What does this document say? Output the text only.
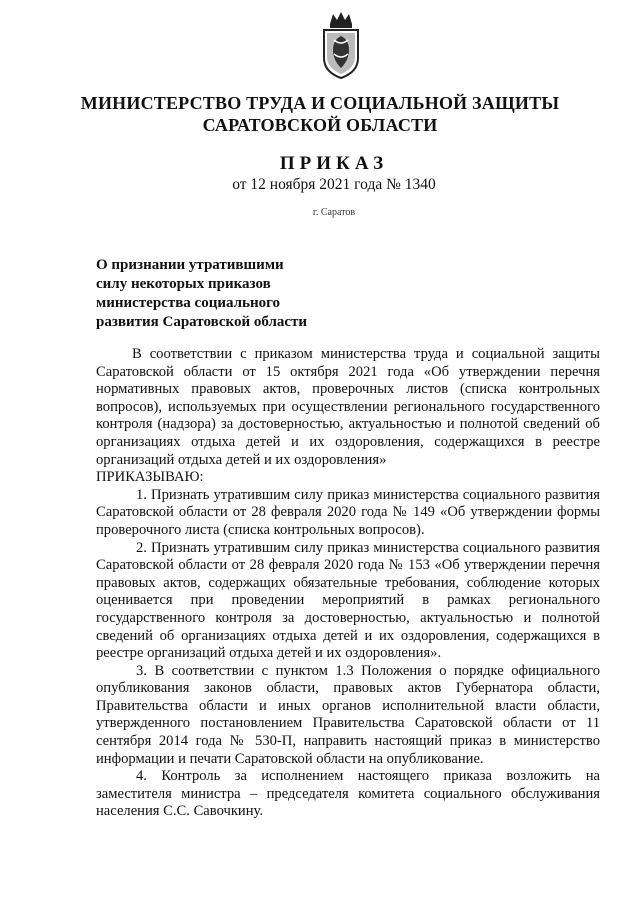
МИНИСТЕРСТВО ТРУДА И СОЦИАЛЬНОЙ ЗАЩИТЫ
САРАТОВСКОЙ ОБЛАСТИ
ПРИКАЗ
от 12 ноября 2021 года № 1340
г. Саратов
О признании утратившими
силу некоторых приказов
министерства социального
развития Саратовской области

В соответствии с приказом министерства труда и социальной защиты Саратовской области от 15 октября 2021 года «Об утверждении перечня нормативных правовых актов, проверочных листов (списка контрольных вопросов), используемых при осуществлении регионального государственного контроля (надзора) за достоверностью, актуальностью и полнотой сведений об организациях отдыха детей и их оздоровления, содержащихся в реестре организаций отдыха детей и их оздоровления»

ПРИКАЗЫВАЮ:

1. Признать утратившим силу приказ министерства социального развития Саратовской области от 28 февраля 2020 года № 149 «Об утверждении формы проверочного листа (списка контрольных вопросов).

2. Признать утратившим силу приказ министерства социального развития Саратовской области от 28 февраля 2020 года № 153 «Об утверждении перечня правовых актов, содержащих обязательные требования, соблюдение которых оценивается при проведении мероприятий в рамках регионального государственного контроля за достоверностью, актуальностью и полнотой сведений об организациях отдыха детей и их оздоровления, содержащихся в реестре организаций отдыха детей и их оздоровления».

3. В соответствии с пунктом 1.3 Положения о порядке официального опубликования законов области, правовых актов Губернатора области, Правительства области и иных органов исполнительной власти области, утвержденного постановлением Правительства Саратовской области от 11 сентября 2014 года № 530-П, направить настоящий приказ в министерство информации и печати Саратовской области на опубликование.

4. Контроль за исполнением настоящего приказа возложить на заместителя министра – председателя комитета социального обслуживания населения С.С. Савочкину.
